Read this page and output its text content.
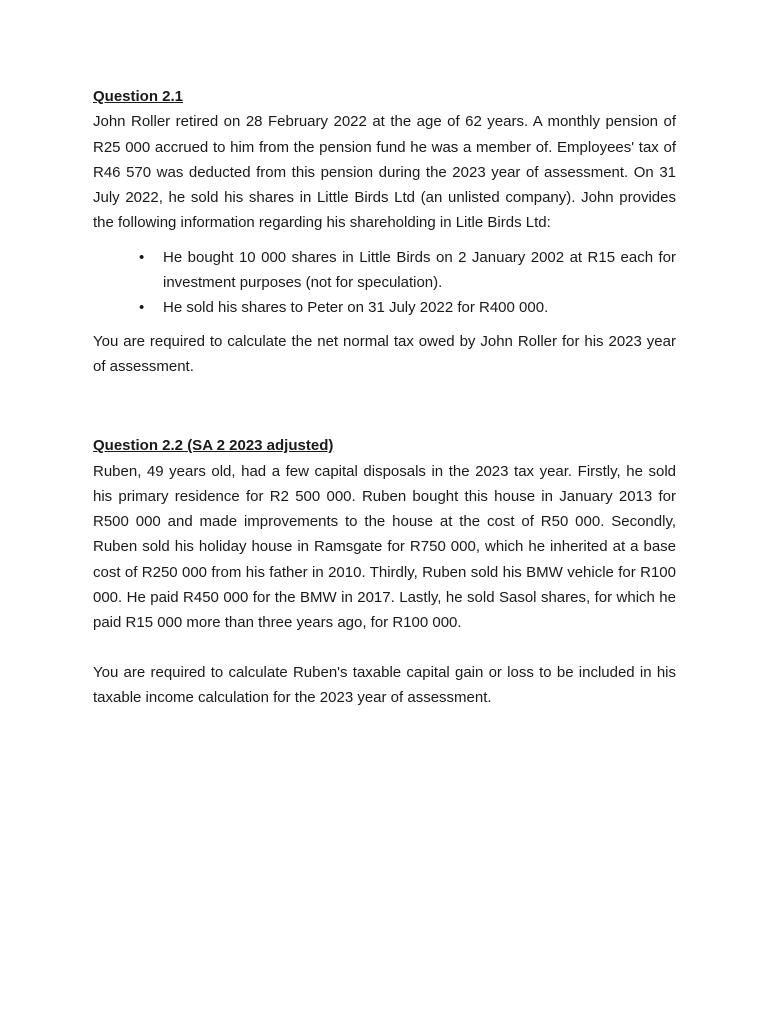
Question 2.1

John Roller retired on 28 February 2022 at the age of 62 years. A monthly pension of R25 000 accrued to him from the pension fund he was a member of. Employees' tax of R46 570 was deducted from this pension during the 2023 year of assessment. On 31 July 2022, he sold his shares in Little Birds Ltd (an unlisted company). John provides the following information regarding his shareholding in Litle Birds Ltd:

• He bought 10 000 shares in Little Birds on 2 January 2002 at R15 each for investment purposes (not for speculation).
• He sold his shares to Peter on 31 July 2022 for R400 000.

You are required to calculate the net normal tax owed by John Roller for his 2023 year of assessment.

Question 2.2 (SA 2 2023 adjusted)

Ruben, 49 years old, had a few capital disposals in the 2023 tax year. Firstly, he sold his primary residence for R2 500 000. Ruben bought this house in January 2013 for R500 000 and made improvements to the house at the cost of R50 000. Secondly, Ruben sold his holiday house in Ramsgate for R750 000, which he inherited at a base cost of R250 000 from his father in 2010. Thirdly, Ruben sold his BMW vehicle for R100 000. He paid R450 000 for the BMW in 2017. Lastly, he sold Sasol shares, for which he paid R15 000 more than three years ago, for R100 000.

You are required to calculate Ruben's taxable capital gain or loss to be included in his taxable income calculation for the 2023 year of assessment.
